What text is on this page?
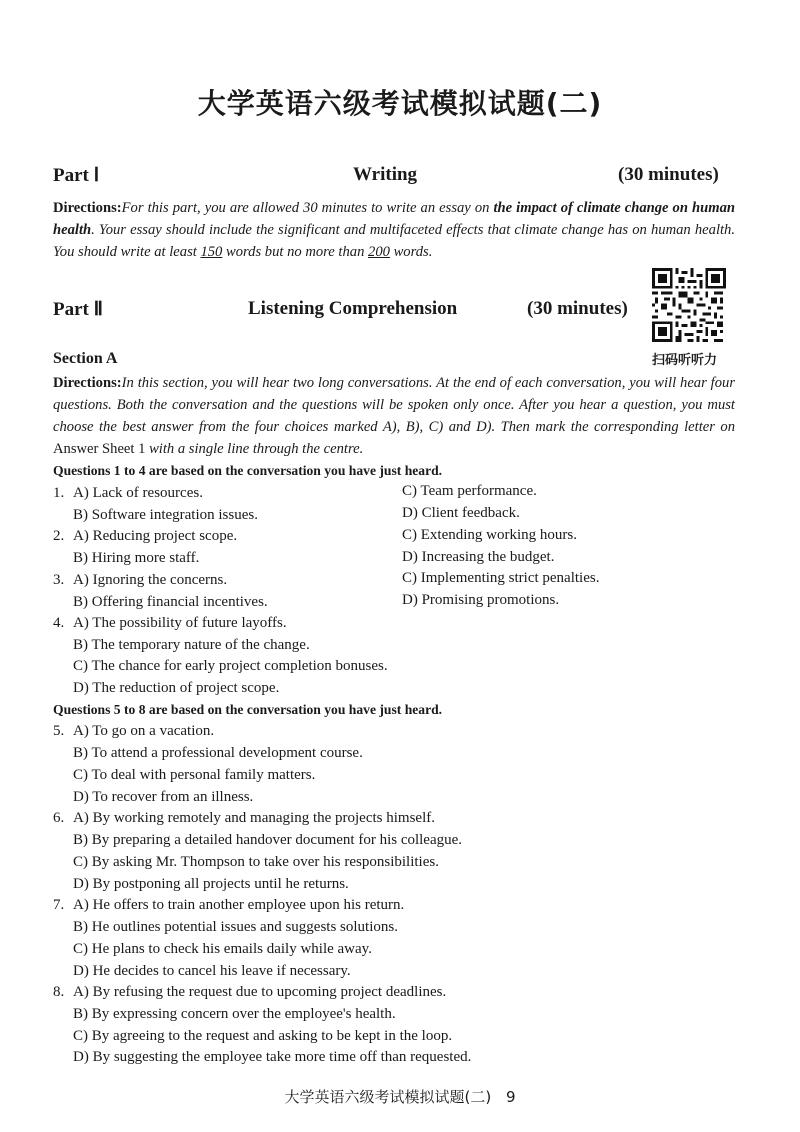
大学英语六级考试模拟试题(二)
Part Ⅰ	Writing	(30 minutes)
Directions:For this part, you are allowed 30 minutes to write an essay on the impact of climate change on human health. Your essay should include the significant and multifaceted effects that climate change has on human health. You should write at least 150 words but no more than 200 words.
Part Ⅱ	Listening Comprehension	(30 minutes)
扫码听听力
Section A
Directions:In this section, you will hear two long conversations. At the end of each conversation, you will hear four questions. Both the conversation and the questions will be spoken only once. After you hear a question, you must choose the best answer from the four choices marked A), B), C) and D). Then mark the corresponding letter on Answer Sheet 1 with a single line through the centre.
Questions 1 to 4 are based on the conversation you have just heard.
1. A) Lack of resources.	C) Team performance.
B) Software integration issues.	D) Client feedback.
2. A) Reducing project scope.	C) Extending working hours.
B) Hiring more staff.	D) Increasing the budget.
3. A) Ignoring the concerns.	C) Implementing strict penalties.
B) Offering financial incentives.	D) Promising promotions.
4. A) The possibility of future layoffs.
B) The temporary nature of the change.
C) The chance for early project completion bonuses.
D) The reduction of project scope.
Questions 5 to 8 are based on the conversation you have just heard.
5. A) To go on a vacation.
B) To attend a professional development course.
C) To deal with personal family matters.
D) To recover from an illness.
6. A) By working remotely and managing the projects himself.
B) By preparing a detailed handover document for his colleague.
C) By asking Mr. Thompson to take over his responsibilities.
D) By postponing all projects until he returns.
7. A) He offers to train another employee upon his return.
B) He outlines potential issues and suggests solutions.
C) He plans to check his emails daily while away.
D) He decides to cancel his leave if necessary.
8. A) By refusing the request due to upcoming project deadlines.
B) By expressing concern over the employee's health.
C) By agreeing to the request and asking to be kept in the loop.
D) By suggesting the employee take more time off than requested.
大学英语六级考试模拟试题(二) 9
